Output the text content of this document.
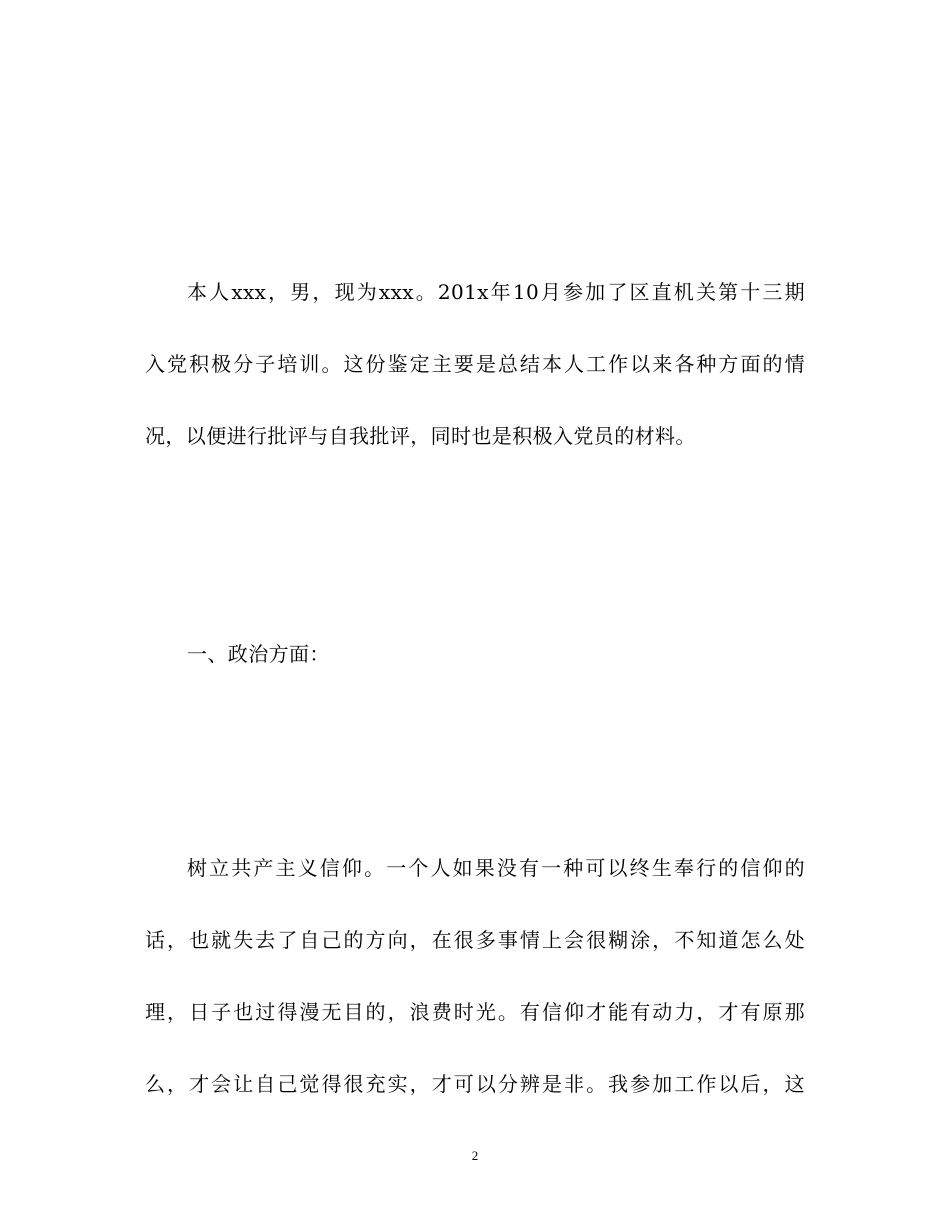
本人xxx，男，现为xxx。201x年10月参加了区直机关第十三期
入党积极分子培训。这份鉴定主要是总结本人工作以来各种方面的情
况，以便进行批评与自我批评，同时也是积极入党员的材料。
一、政治方面：
树立共产主义信仰。一个人如果没有一种可以终生奉行的信仰的
话，也就失去了自己的方向，在很多事情上会很糊涂，不知道怎么处
理，日子也过得漫无目的，浪费时光。有信仰才能有动力，才有原那
么，才会让自己觉得很充实，才可以分辨是非。我参加工作以后，这
2
